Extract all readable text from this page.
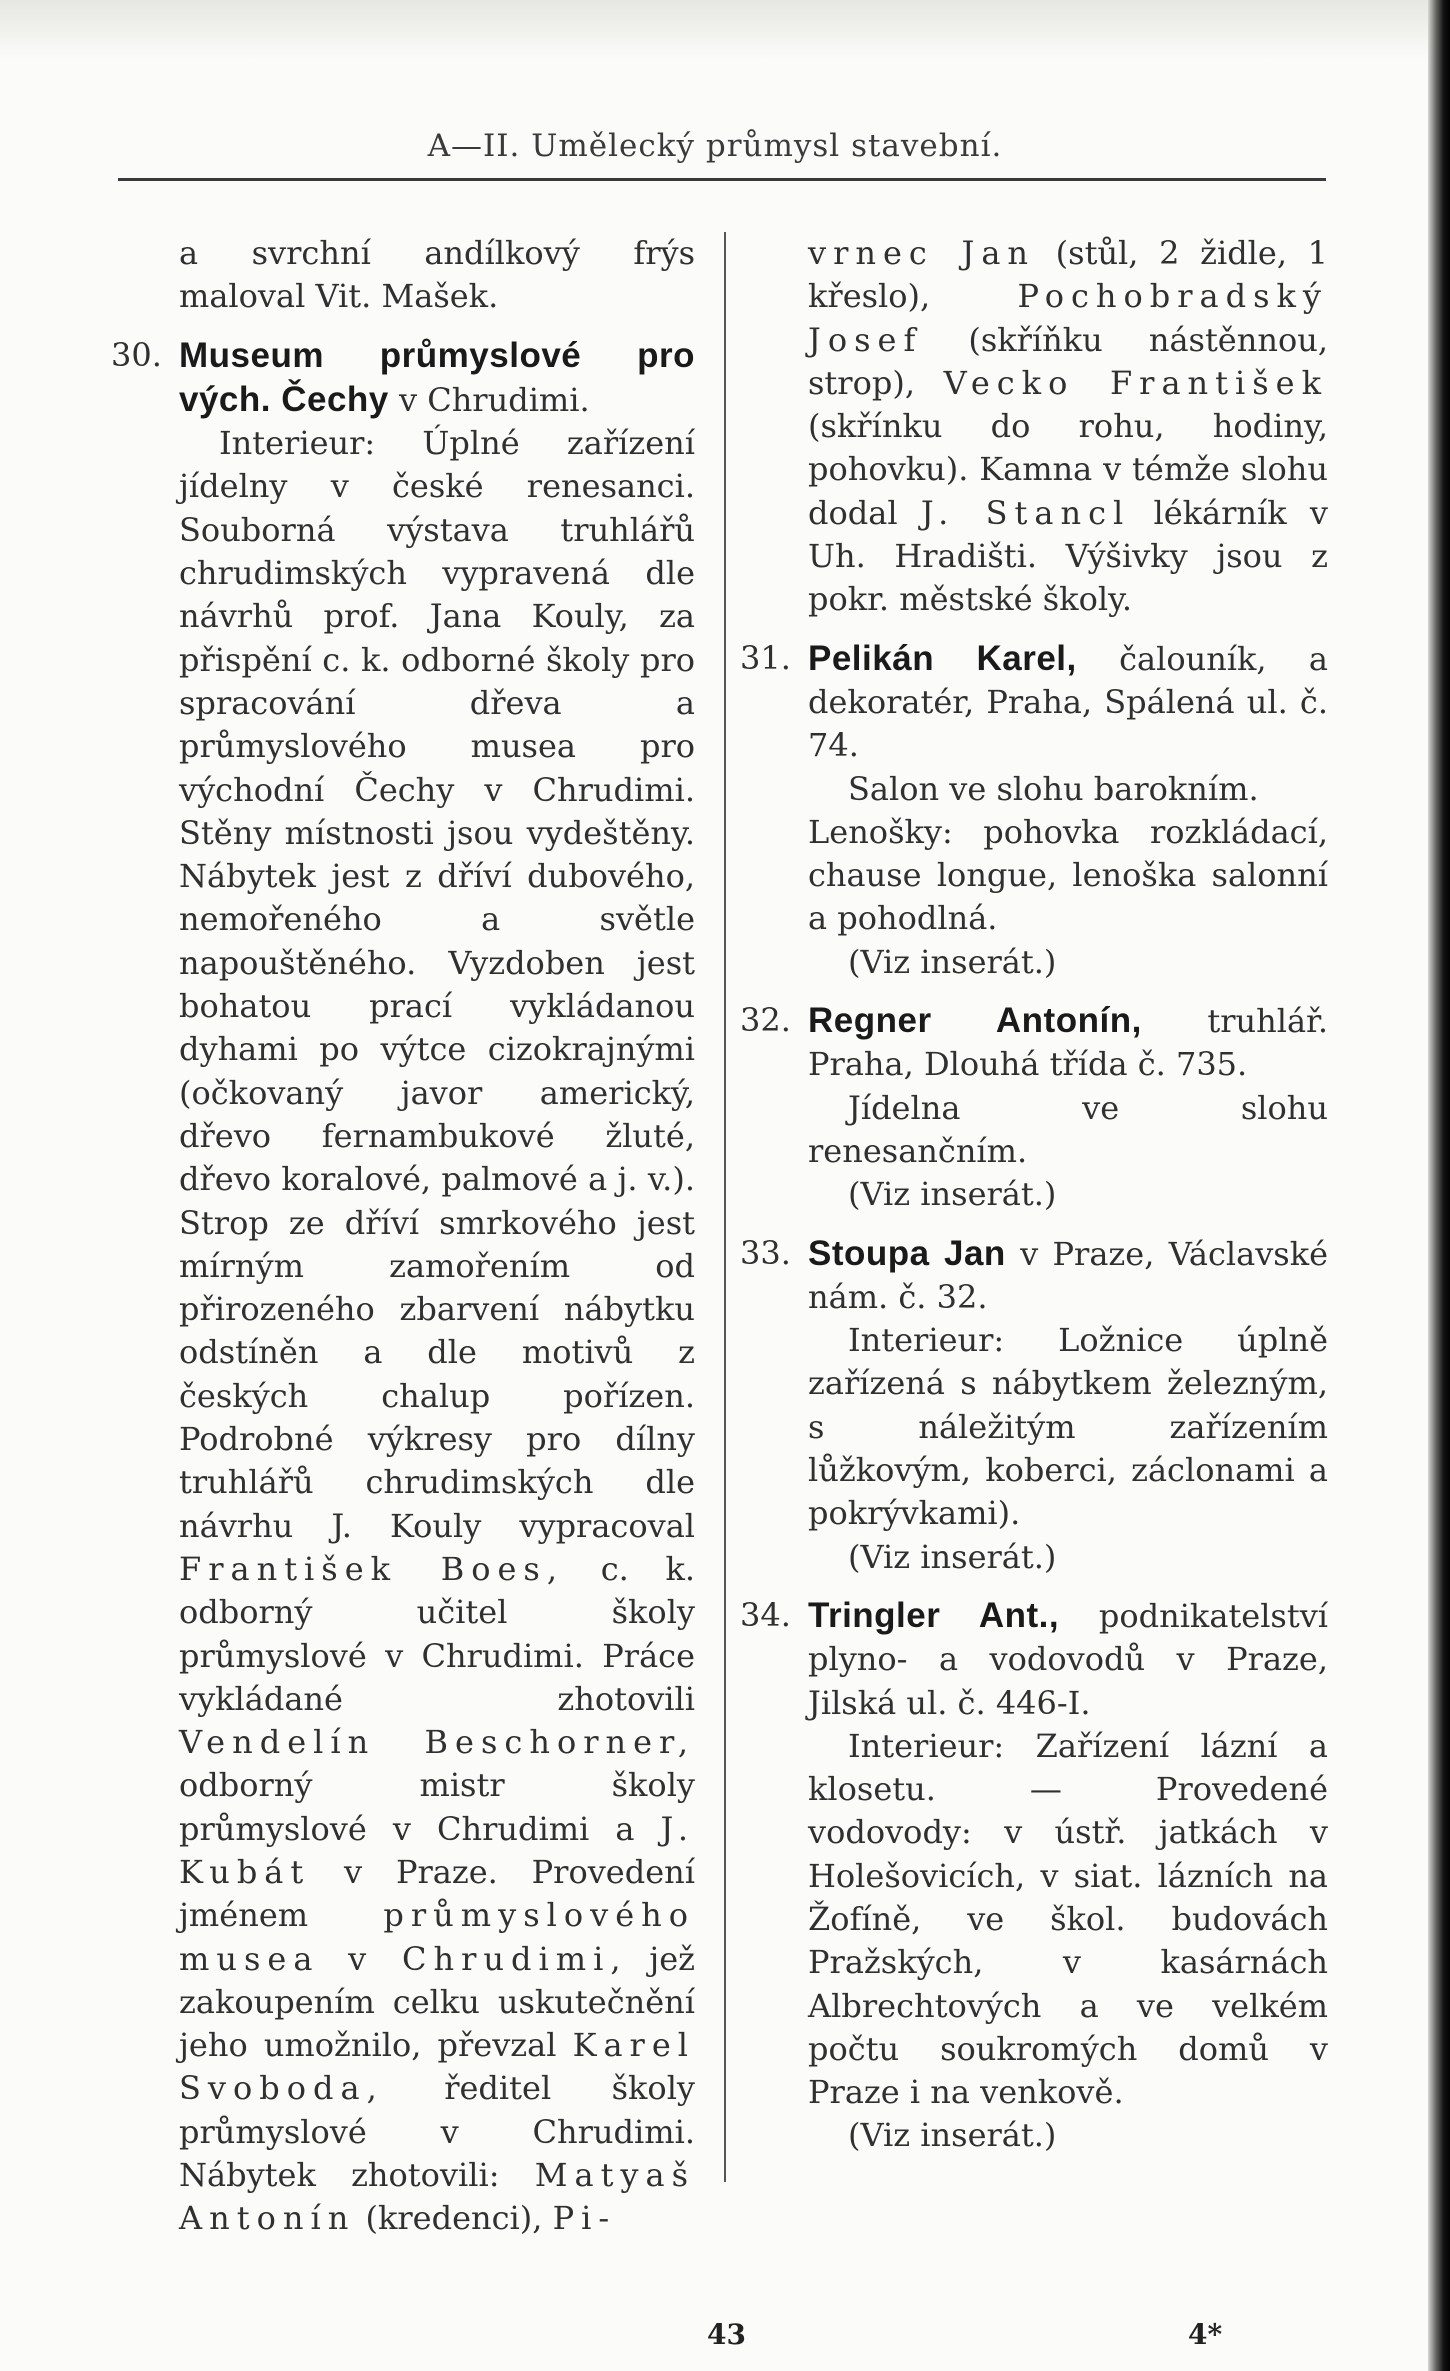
A—II. Umělecký průmysl stavební.

a svrchní andílkový frýs maloval Vit. Mašek.

30. Museum průmyslové pro vých. Čechy v Chrudimi.

Interieur: Úplné zařízení jídelny v české renesanci. Souborná výstava truhlářů chrudimských vypravená dle návrhů prof. Jana Kouly, za přispění c. k. odborné školy pro spracování dřeva a průmyslového musea pro východní Čechy v Chrudimi. Stěny místnosti jsou vydeštěny. Nábytek jest z dříví dubového, nemořeného a světle napouštěného. Vyzdoben jest bohatou prací vykládanou dyhami po výtce cizokrajnými (očkovaný javor americký, dřevo fernambukové žluté, dřevo koralové, palmové a j. v.). Strop ze dříví smrkového jest mírným zamořením od přirozeného zbarvení nábytku odstíněn a dle motivů z českých chalup pořízen. Podrobné výkresy pro dílny truhlářů chrudimských dle návrhu J. Kouly vypracoval František Boes, c. k. odborný učitel školy průmyslové v Chrudimi. Práce vykládané zhotovili Vendelín Beschorner, odborný mistr školy průmyslové v Chrudimi a J. Kubát v Praze. Provedení jménem průmyslového musea v Chrudimi, jež zakoupením celku uskutečnění jeho umožnilo, převzal Karel Svoboda, ředitel školy průmyslové v Chrudimi. Nábytek zhotovili: Matyaš Antonín (kredenci), Pi-

vrnec Jan (stůl, 2 židle, 1 křeslo),	Pochobradský Josef (skříňku nástěnnou, strop), Vecko František (skřínku do rohu, hodiny, pohovku). Kamna v témže slohu dodal J. Stancl lékárník v Uh. Hradišti. Výšivky jsou z pokr. městské školy.

31. Pelikán Karel, čalouník, a dekoratér, Praha, Spálená ul. č. 74.

Salon ve slohu barokním.

Lenošky: pohovka rozkládací, chause longue, lenoška salonní a pohodlná.

(Viz inserát.)

32. Regner Antonín, truhlář. Praha, Dlouhá třída č. 735.

Jídelna ve slohu renesančním.

(Viz inserát.)

33. Stoupa Jan v Praze, Václavské nám. č. 32.

Interieur: Ložnice úplně zařízená s nábytkem železným, s náležitým zařízením lůžkovým, koberci, záclonami a pokrývkami).

(Viz inserát.)

34. Tringler Ant., podnikatelství plyno- a vodovodů v Praze, Jilská ul. č. 446-I.

Interieur: Zařízení lázní a klosetu. — Provedené vodovody: v ústř. jatkách v Holešovicích, v siat. lázních na Žofíně, ve škol. budovách Pražských, v kasárnách Albrechtových a ve velkém počtu soukromých domů v Praze i na venkově.

(Viz inserát.)

43	4*
